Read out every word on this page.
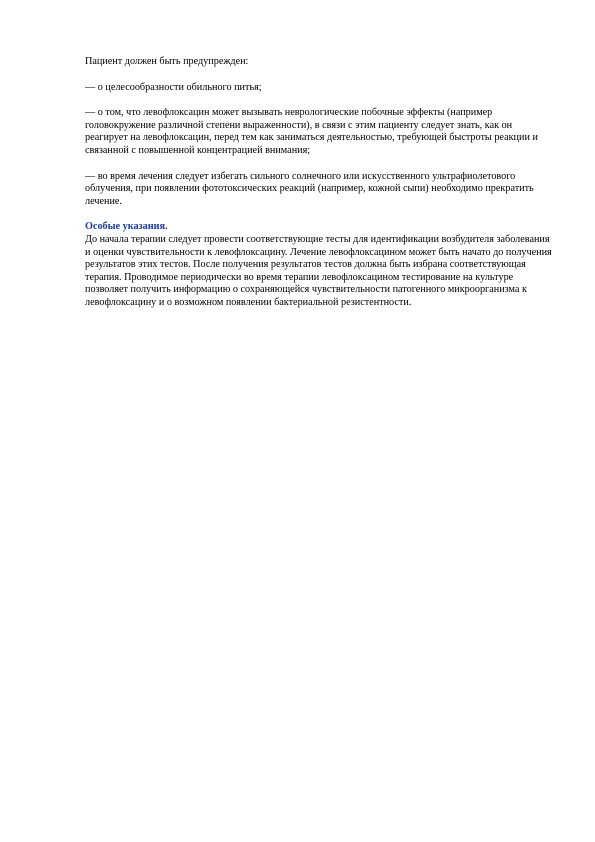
Пациент должен быть предупрежден:

— о целесообразности обильного питья;

— о том, что левофлоксацин может вызывать неврологические побочные эффекты (например головокружение различной степени выраженности), в связи с этим пациенту следует знать, как он реагирует на левофлоксацин, перед тем как заниматься деятельностью, требующей быстроты реакции и связанной с повышенной концентрацией внимания;

— во время лечения следует избегать сильного солнечного или искусственного ультрафиолетового облучения, при появлении фототоксических реакций (например, кожной сыпи) необходимо прекратить лечение.

Особые указания.

До начала терапии следует провести соответствующие тесты для идентификации возбудителя заболевания и оценки чувствительности к левофлоксацину. Лечение левофлоксацином может быть начато до получения результатов этих тестов. После получения результатов тестов должна быть избрана соответствующая терапия. Проводимое периодически во время терапии левофлоксацином тестирование на культуре позволяет получить информацию о сохраняющейся чувствительности патогенного микроорганизма к левофлоксацину и о возможном появлении бактериальной резистентности.
